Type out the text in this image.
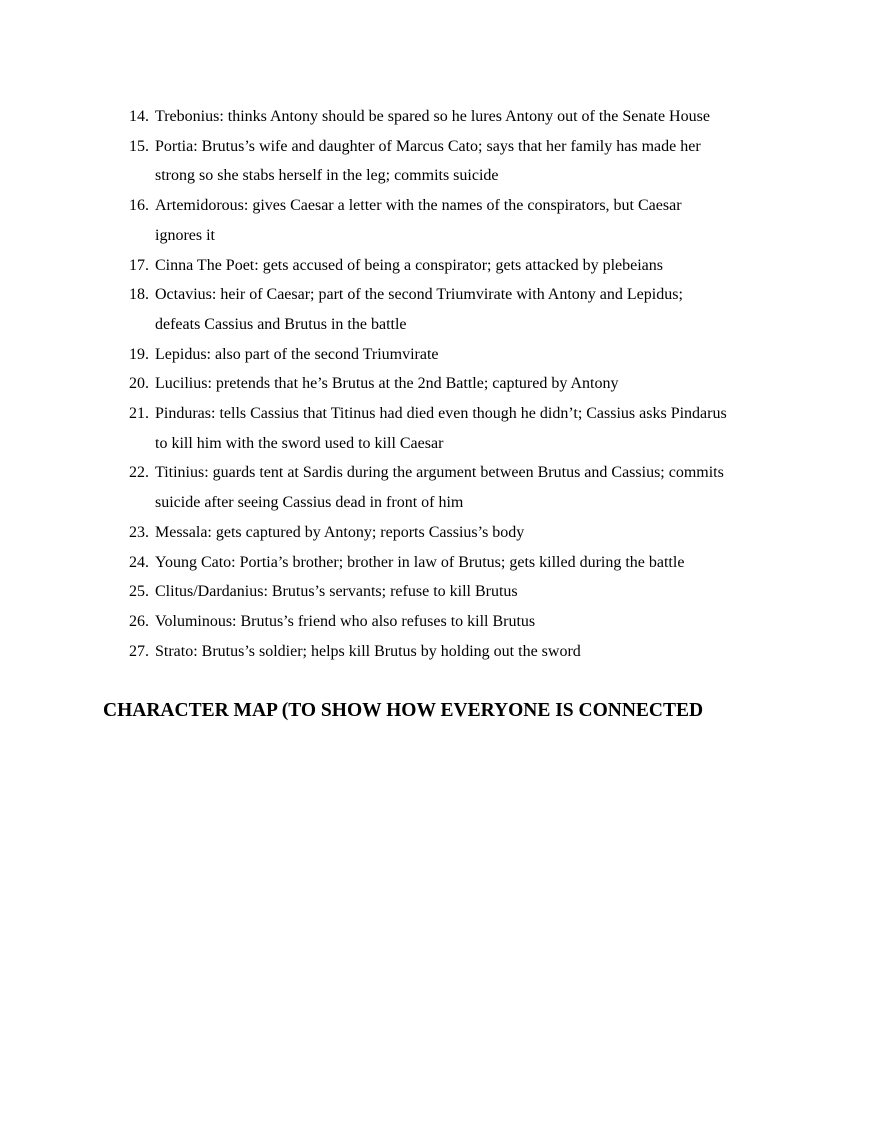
14. Trebonius: thinks Antony should be spared so he lures Antony out of the Senate House
15. Portia: Brutus’s wife and daughter of Marcus Cato; says that her family has made her
strong so she stabs herself in the leg; commits suicide
16. Artemidorous: gives Caesar a letter with the names of the conspirators, but Caesar
ignores it
17. Cinna The Poet: gets accused of being a conspirator; gets attacked by plebeians
18. Octavius: heir of Caesar; part of the second Triumvirate with Antony and Lepidus;
defeats Cassius and Brutus in the battle
19. Lepidus: also part of the second Triumvirate
20. Lucilius: pretends that he’s Brutus at the 2nd Battle; captured by Antony
21. Pinduras: tells Cassius that Titinus had died even though he didn’t; Cassius asks Pindarus
to kill him with the sword used to kill Caesar
22. Titinius: guards tent at Sardis during the argument between Brutus and Cassius; commits
suicide after seeing Cassius dead in front of him
23. Messala: gets captured by Antony; reports Cassius’s body
24. Young Cato: Portia’s brother; brother in law of Brutus; gets killed during the battle
25. Clitus/Dardanius: Brutus’s servants; refuse to kill Brutus
26. Voluminous: Brutus’s friend who also refuses to kill Brutus
27. Strato: Brutus’s soldier; helps kill Brutus by holding out the sword
CHARACTER MAP (TO SHOW HOW EVERYONE IS CONNECTED
